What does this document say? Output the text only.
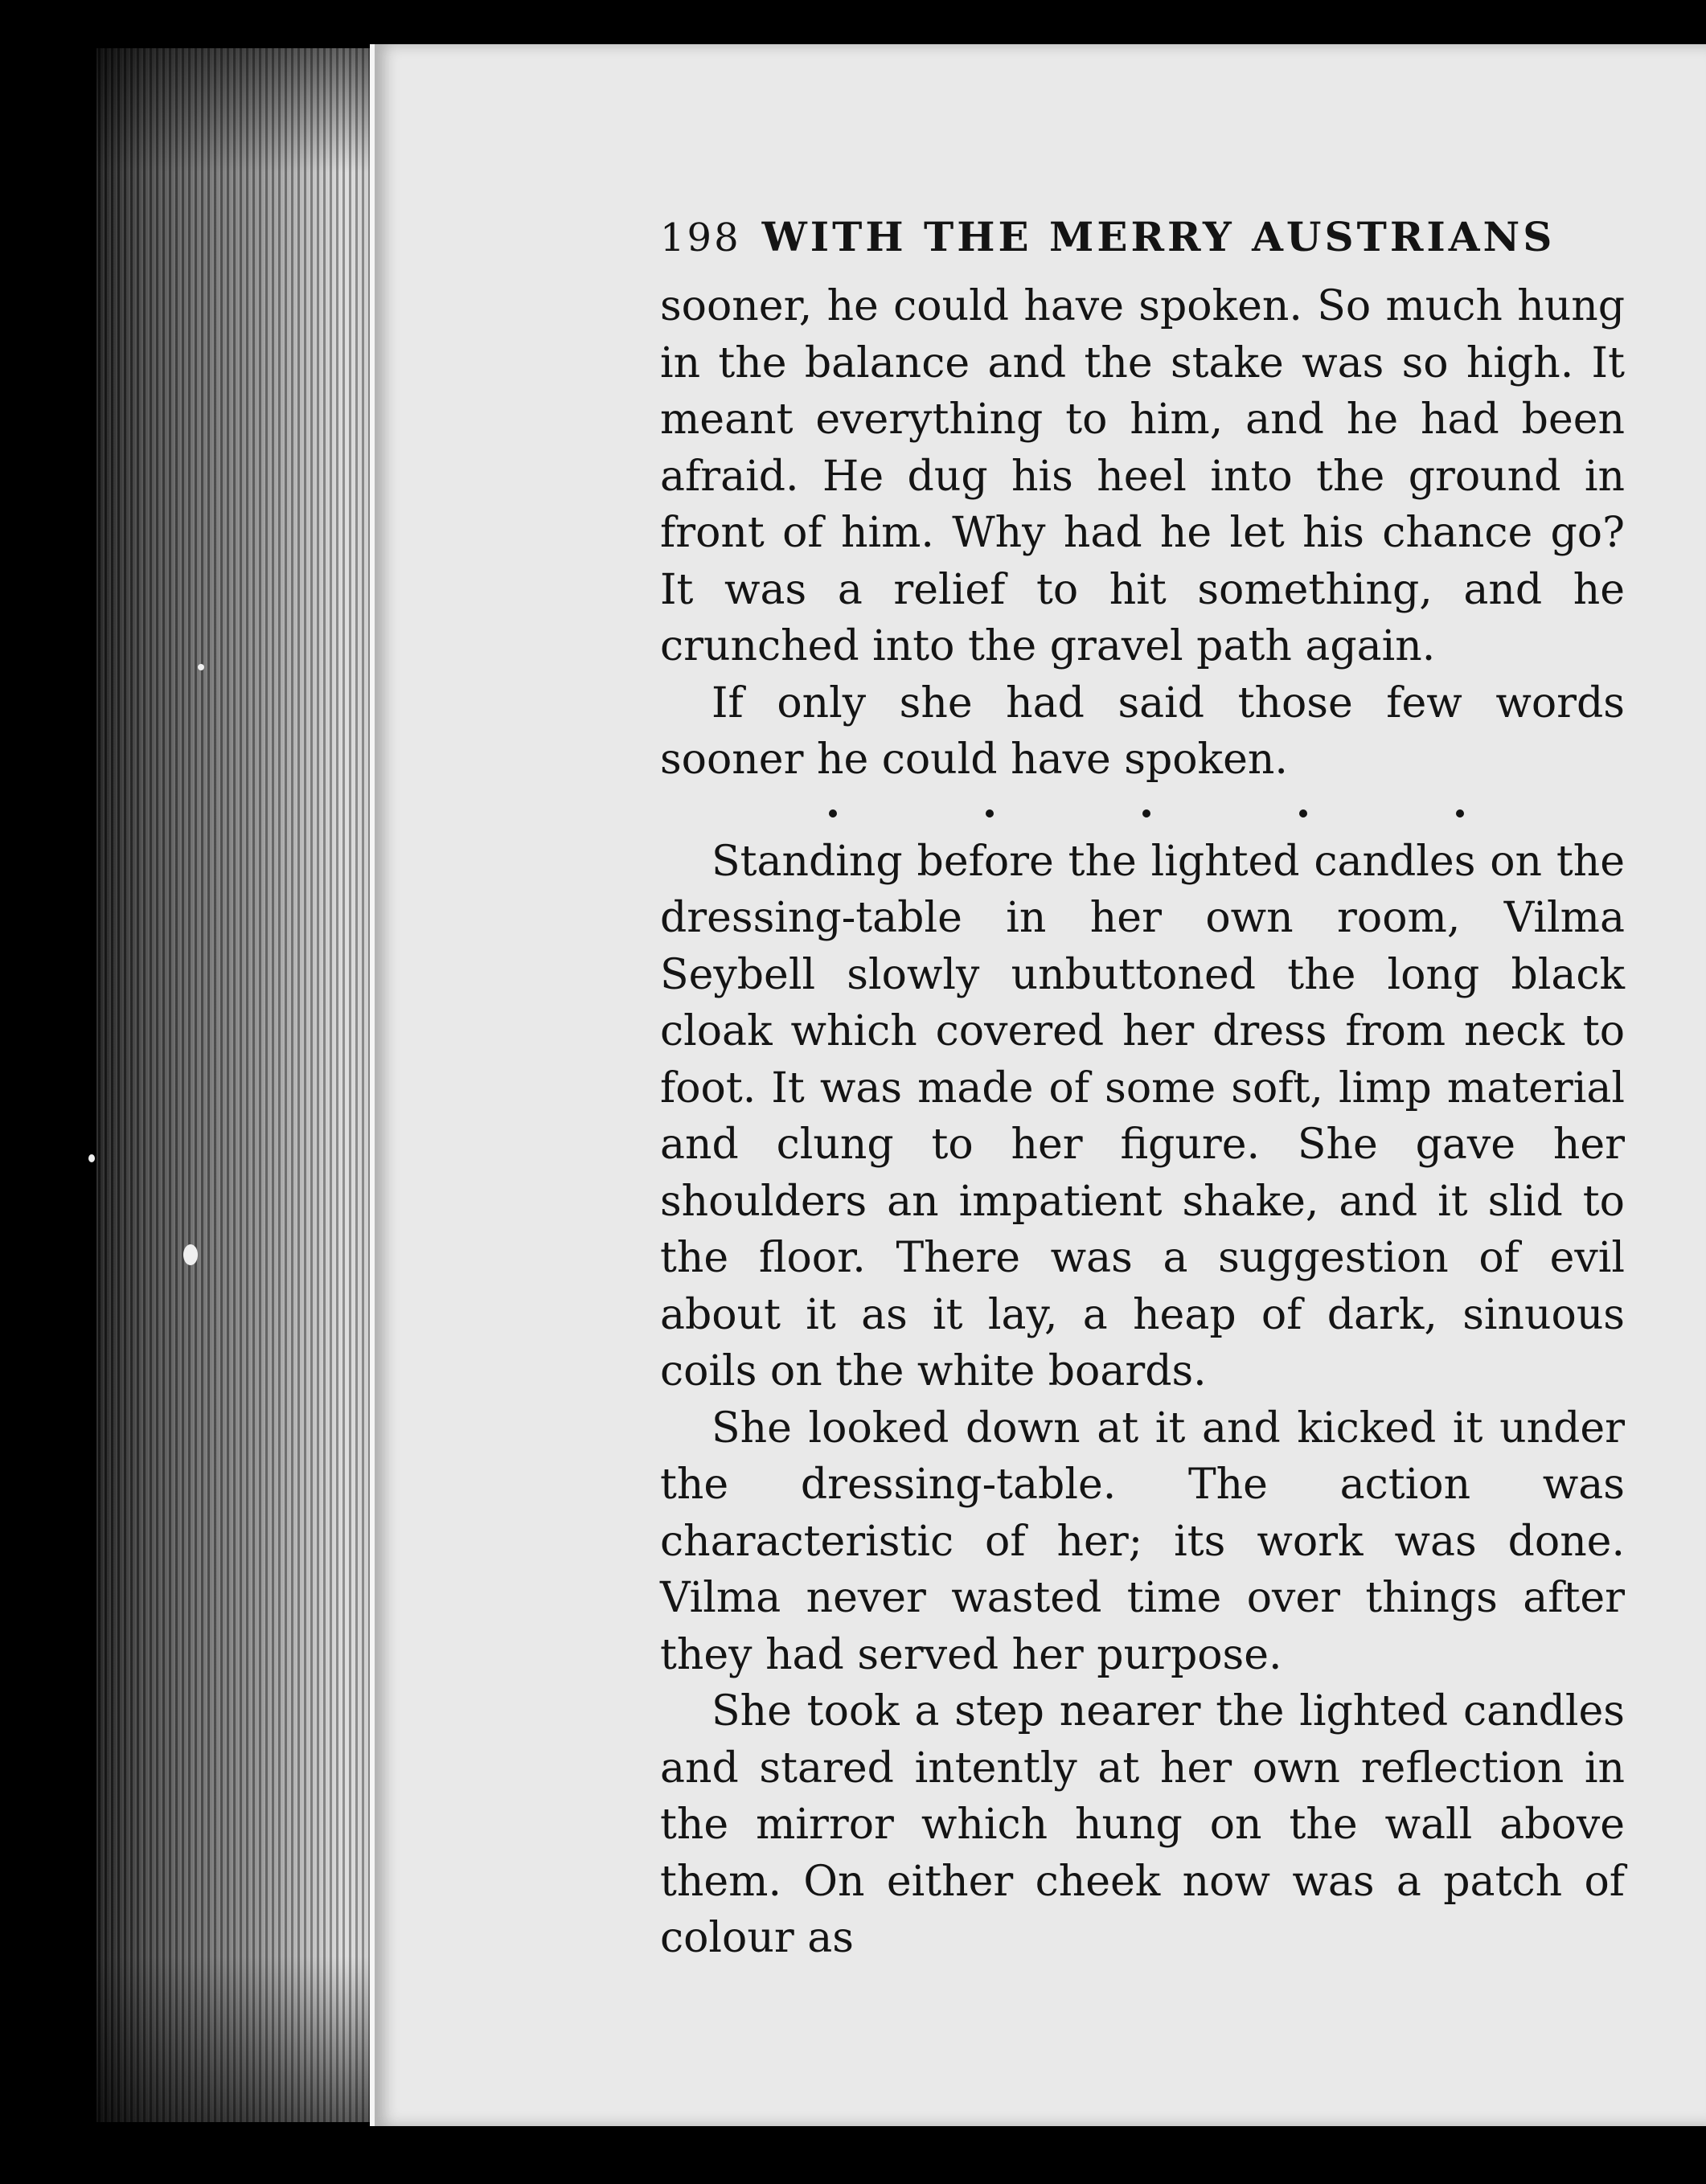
198 WITH THE MERRY AUSTRIANS

sooner, he could have spoken. So much hung in the balance and the stake was so high. It meant everything to him, and he had been afraid. He dug his heel into the ground in front of him. Why had he let his chance go? It was a relief to hit something, and he crunched into the gravel path again.

If only she had said those few words sooner he could have spoken.

Standing before the lighted candles on the dressing-table in her own room, Vilma Seybell slowly unbuttoned the long black cloak which covered her dress from neck to foot. It was made of some soft, limp material and clung to her figure. She gave her shoulders an impatient shake, and it slid to the floor. There was a suggestion of evil about it as it lay, a heap of dark, sinuous coils on the white boards.

She looked down at it and kicked it under the dressing-table. The action was characteristic of her; its work was done. Vilma never wasted time over things after they had served her purpose.

She took a step nearer the lighted candles and stared intently at her own reflection in the mirror which hung on the wall above them. On either cheek now was a patch of colour as
